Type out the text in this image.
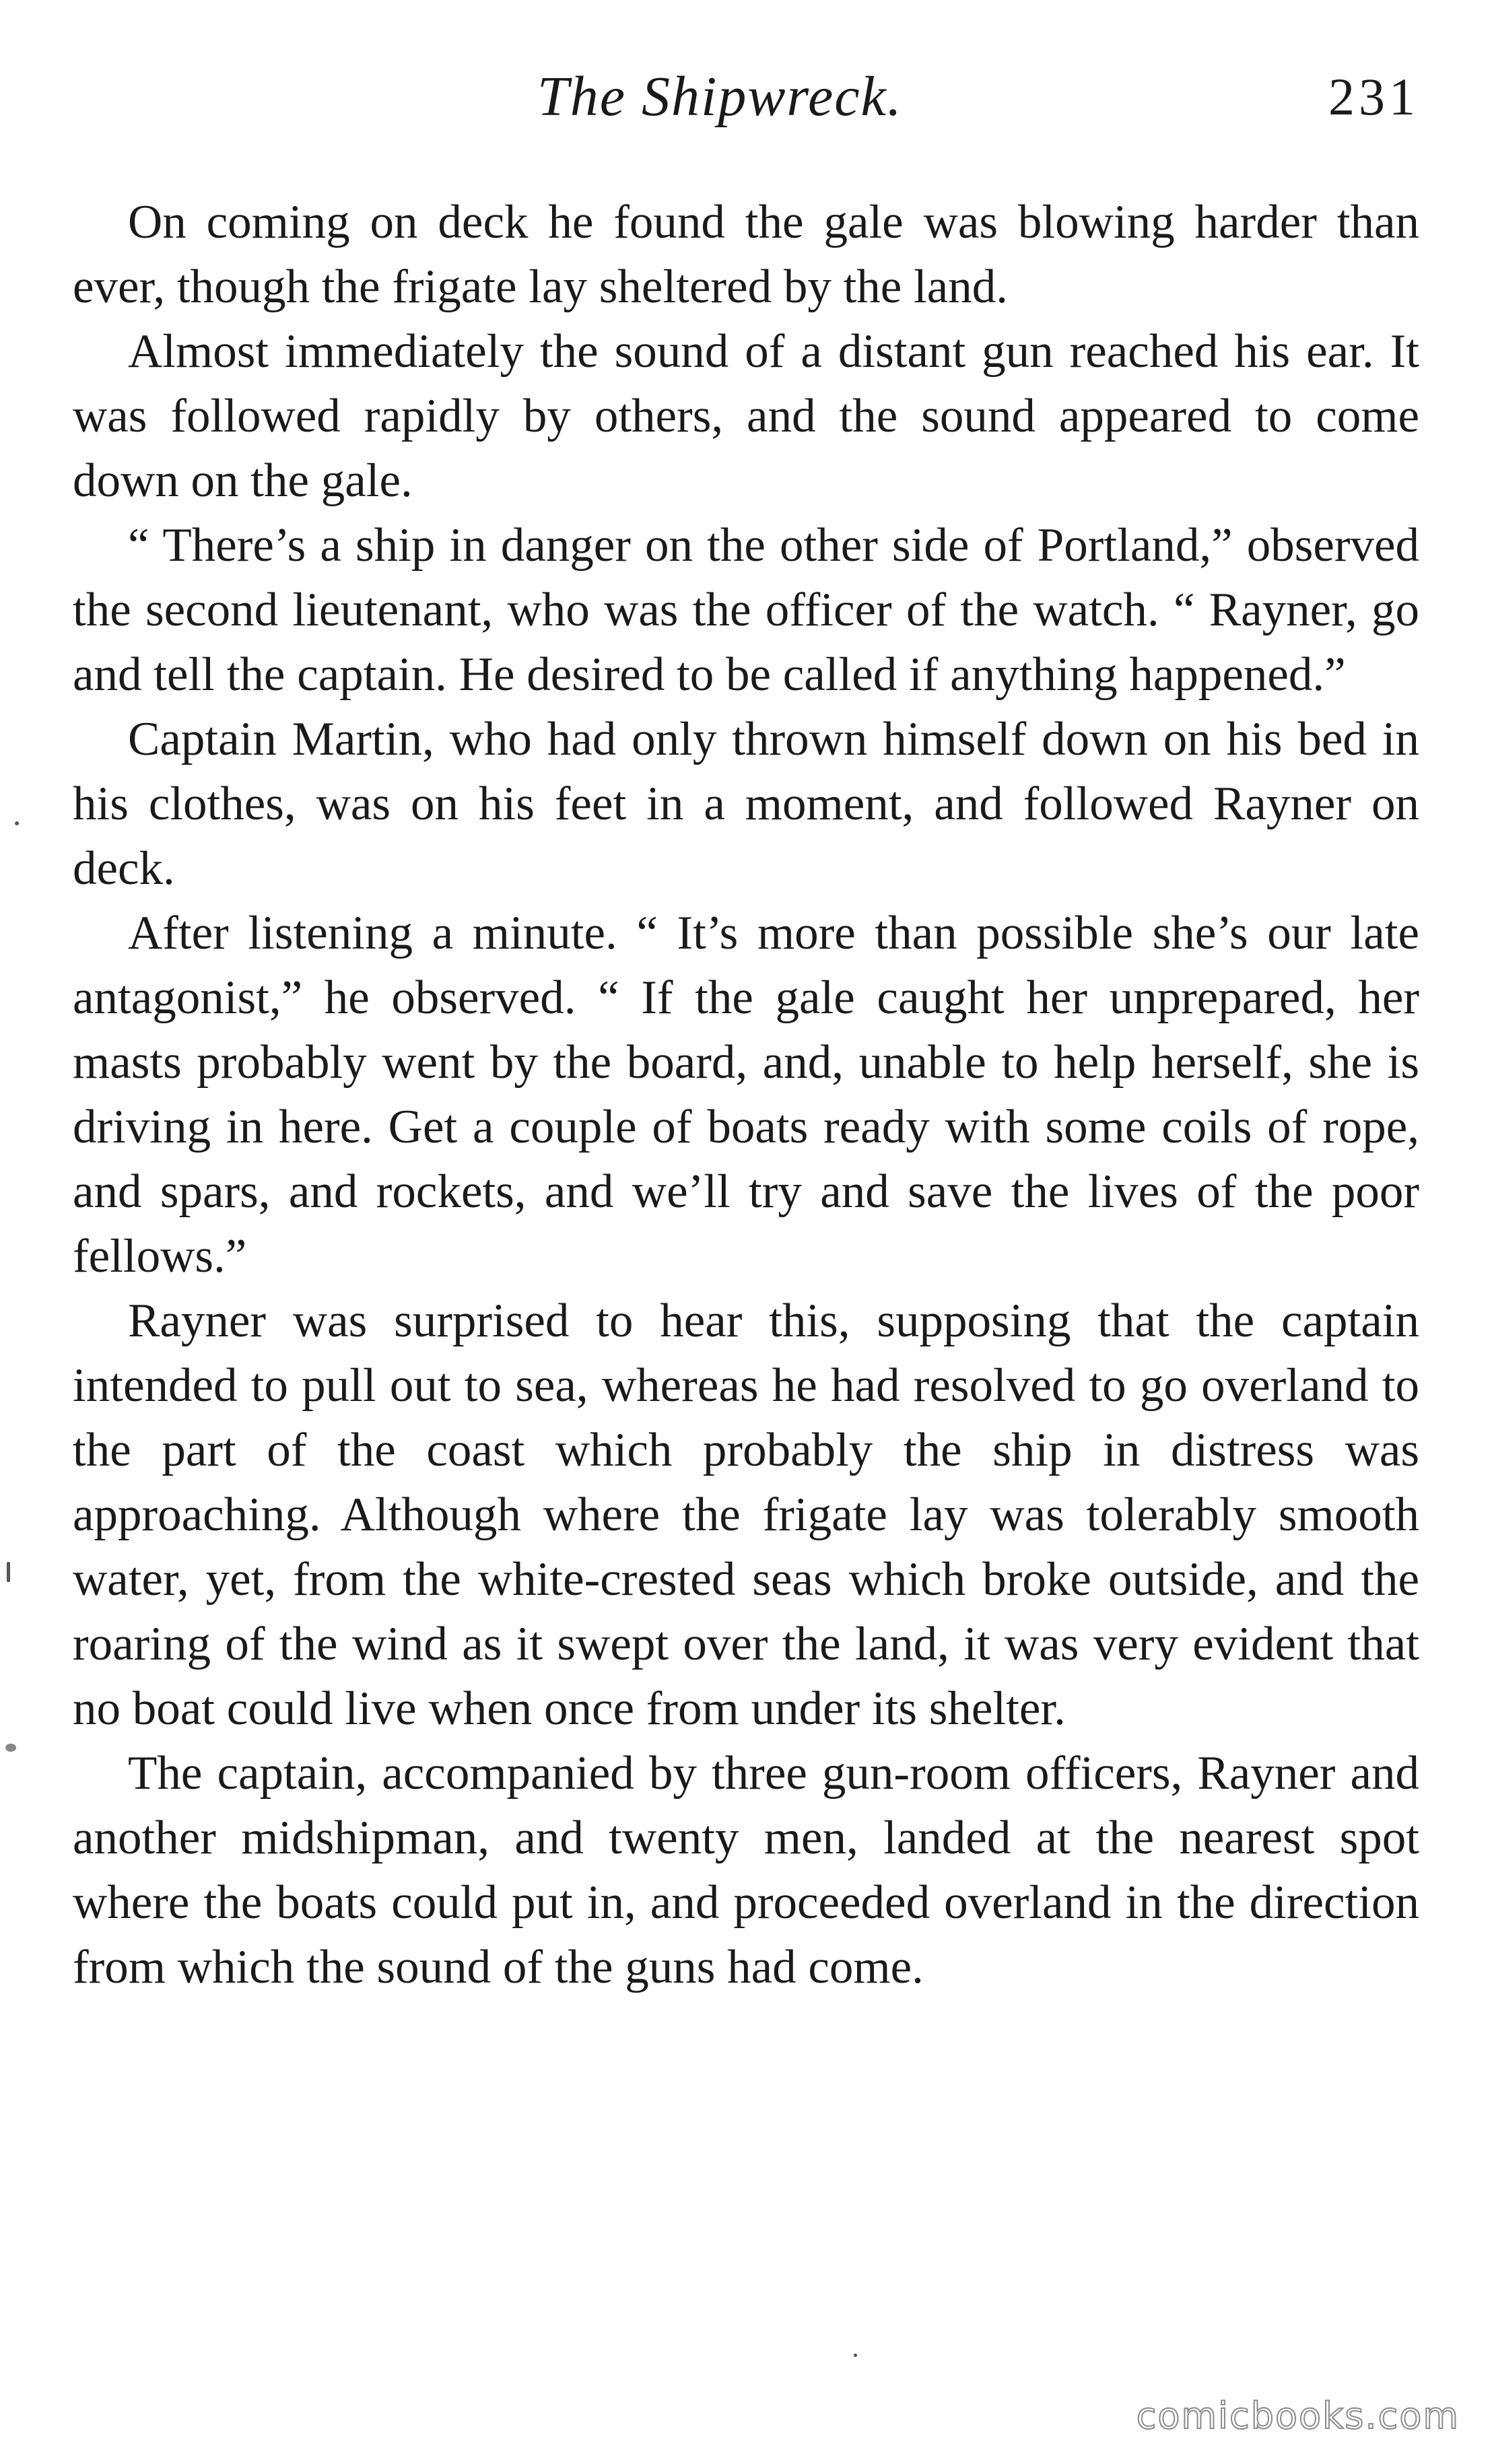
The Shipwreck.	231

On coming on deck he found the gale was blowing harder than ever, though the frigate lay sheltered by the land.

Almost immediately the sound of a distant gun reached his ear. It was followed rapidly by others, and the sound appeared to come down on the gale.

“ There’s a ship in danger on the other side of Portland,” observed the second lieutenant, who was the officer of the watch. “ Rayner, go and tell the captain. He desired to be called if anything happened.”

Captain Martin, who had only thrown himself down on his bed in his clothes, was on his feet in a moment, and followed Rayner on deck.

After listening a minute. “ It’s more than possible she’s our late antagonist,” he observed. “ If the gale caught her unprepared, her masts probably went by the board, and, unable to help herself, she is driving in here. Get a couple of boats ready with some coils of rope, and spars, and rockets, and we’ll try and save the lives of the poor fellows.”

Rayner was surprised to hear this, supposing that the captain intended to pull out to sea, whereas he had resolved to go overland to the part of the coast which probably the ship in distress was approaching. Although where the frigate lay was tolerably smooth water, yet, from the white-crested seas which broke outside, and the roaring of the wind as it swept over the land, it was very evident that no boat could live when once from under its shelter.

The captain, accompanied by three gun-room officers, Rayner and another midshipman, and twenty men, landed at the nearest spot where the boats could put in, and proceeded overland in the direction from which the sound of the guns had come.

comicbooks.com
